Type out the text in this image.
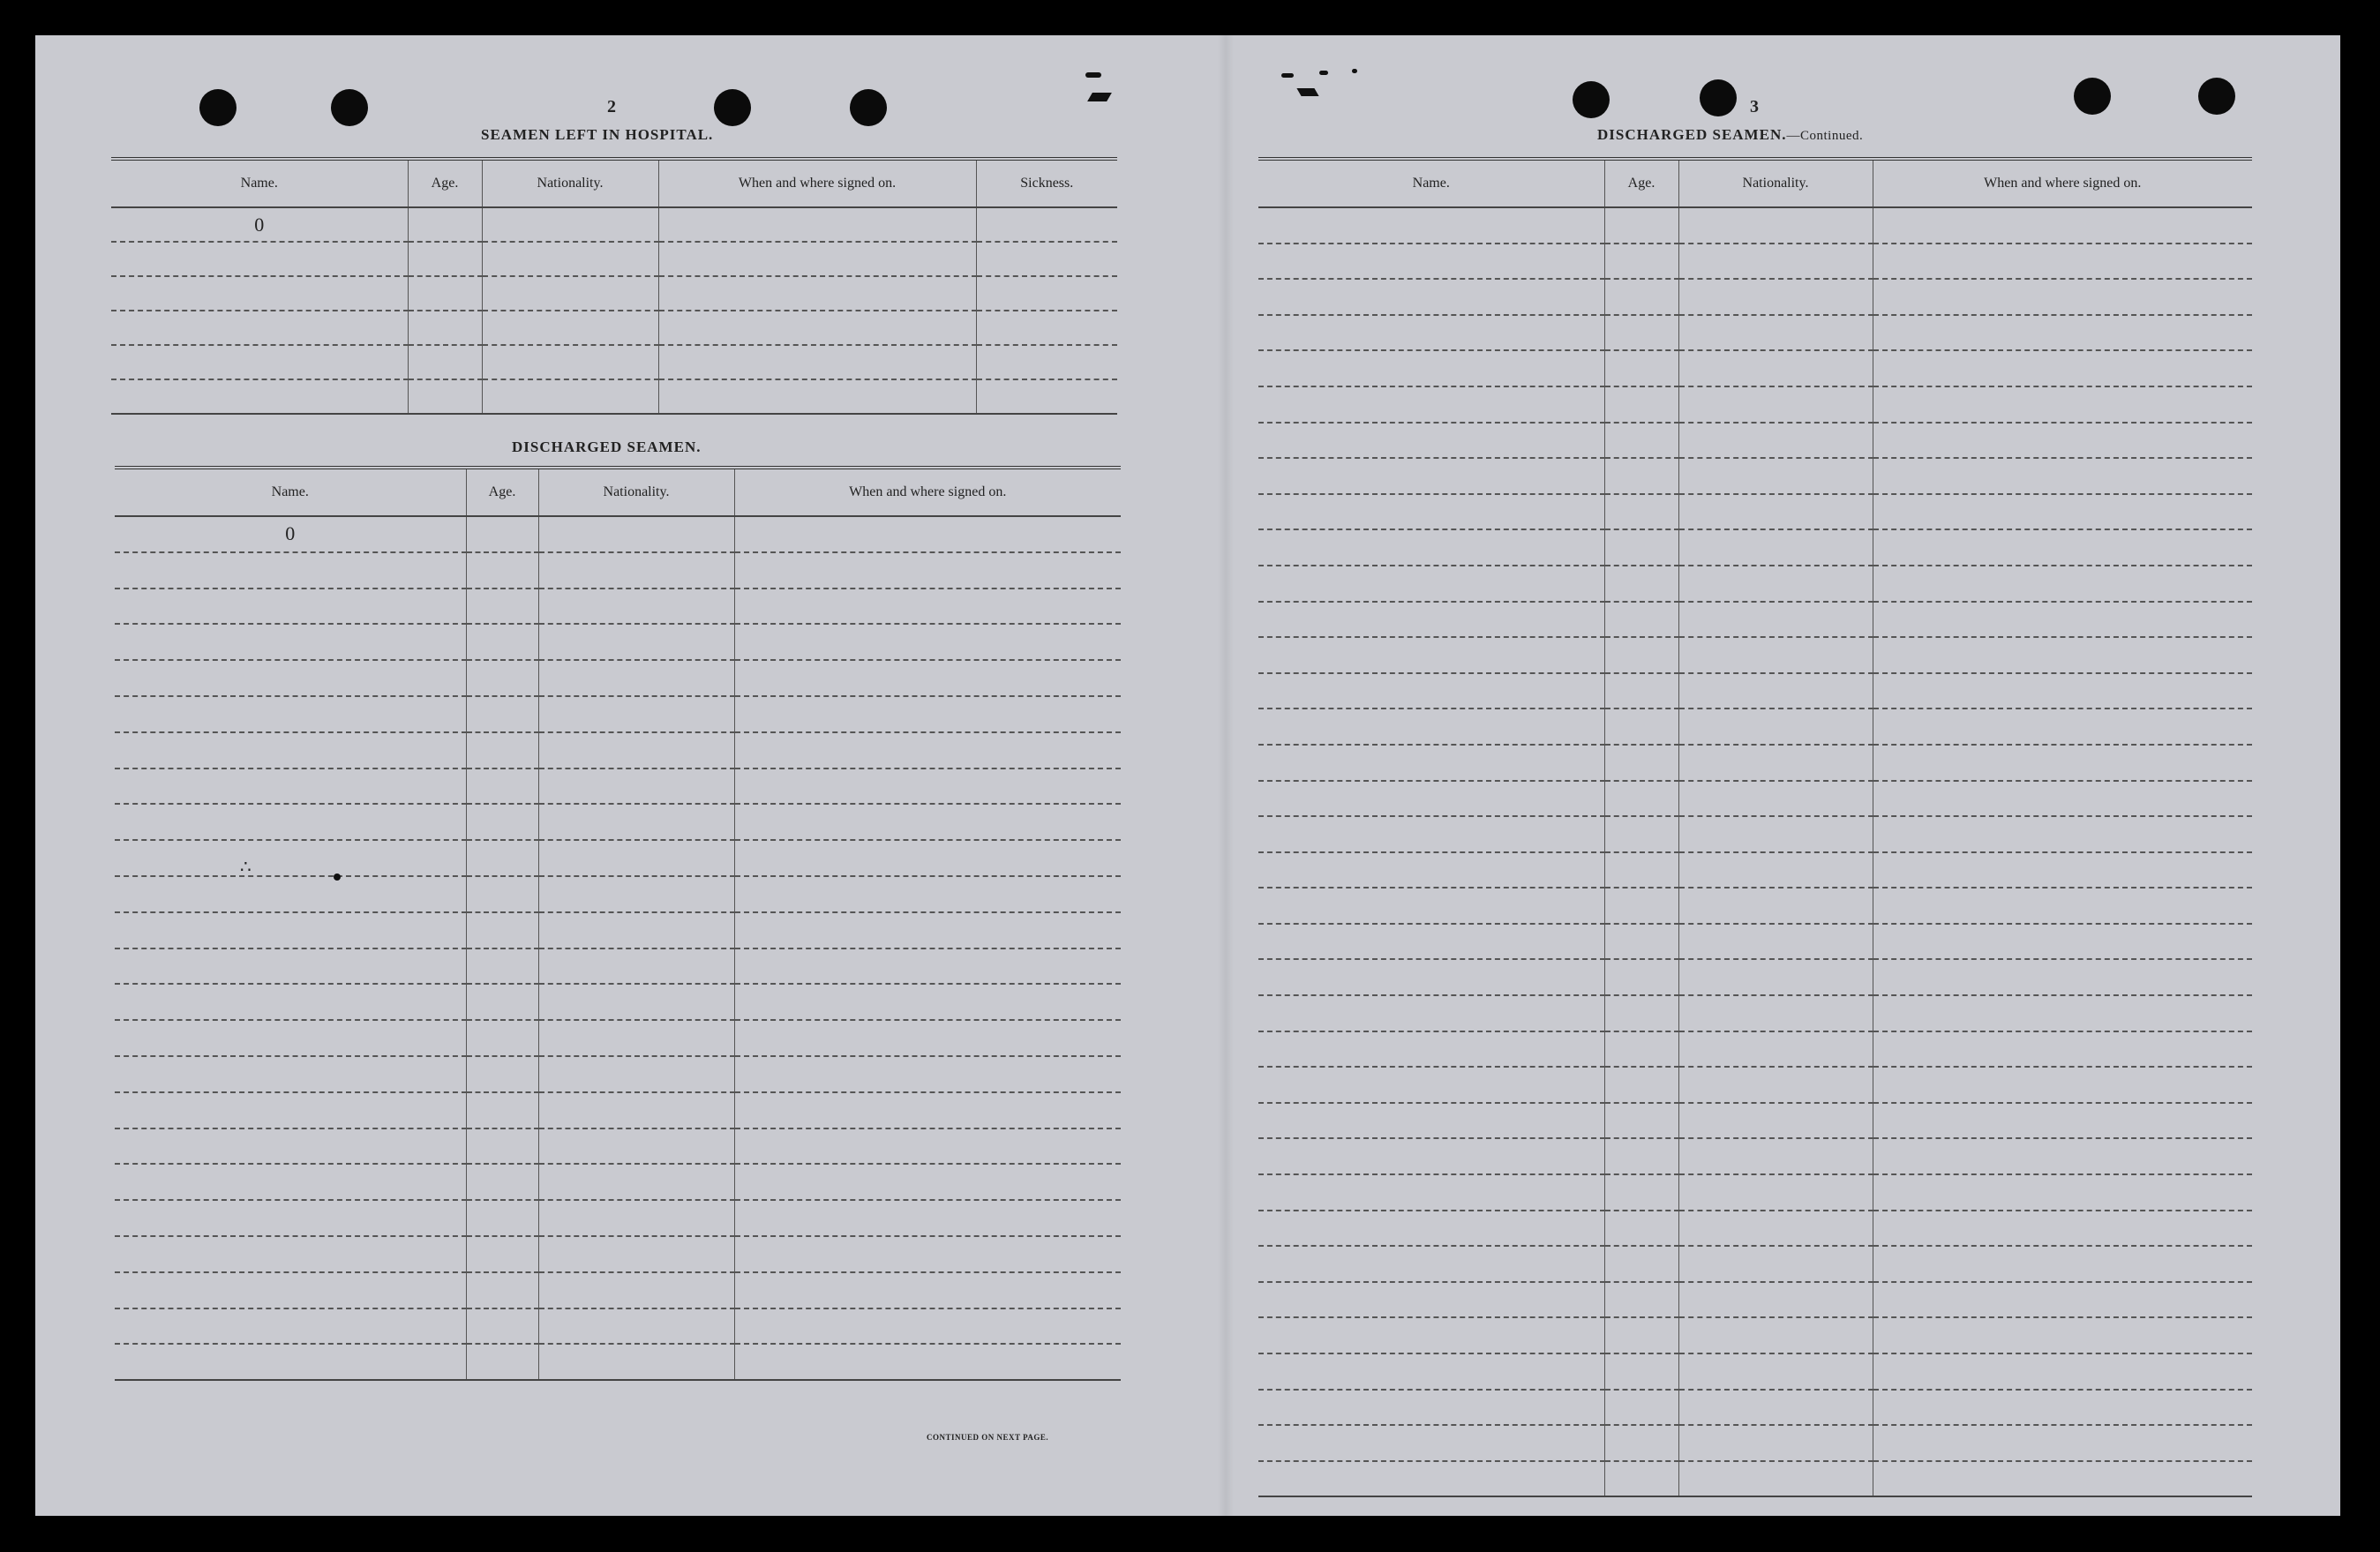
2
SEAMEN LEFT IN HOSPITAL.
Name.	Age.	Nationality.	When and where signed on.	Sickness.
0				

DISCHARGED SEAMEN.
Name.	Age.	Nationality.	When and where signed on.
0			

∴
CONTINUED ON NEXT PAGE.
3
DISCHARGED SEAMEN.—Continued.
Name.	Age.	Nationality.	When and where signed on.
